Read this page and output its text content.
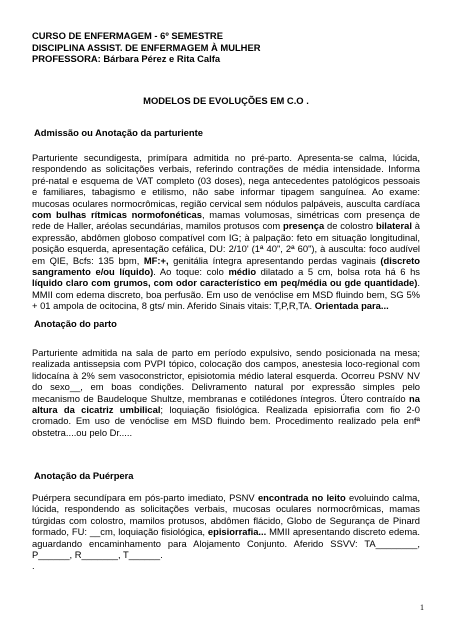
CURSO DE ENFERMAGEM - 6º SEMESTRE
DISCIPLINA ASSIST. DE ENFERMAGEM À MULHER
PROFESSORA: Bárbara Pérez e Rita Calfa
MODELOS DE EVOLUÇÕES EM C.O .
Admissão ou Anotação da parturiente
Parturiente secundigesta, primípara admitida no pré-parto. Apresenta-se calma, lúcida, respondendo as solicitações verbais, referindo contrações de média intensidade. Informa pré-natal e esquema de VAT completo (03 doses), nega antecedentes patológicos pessoais e familiares, tabagismo e etilismo, não sabe informar tipagem sanguínea. Ao exame: mucosas oculares normocrômicas, região cervical sem nódulos palpáveis, ausculta cardíaca com bulhas rítmicas normofonéticas, mamas volumosas, simétricas com presença de rede de Haller, aréolas secundárias, mamilos protusos com presença de colostro bilateral à expressão, abdômen globoso compatível com IG; à palpação: feto em situação longitudinal, posição esquerda, apresentação cefálica, DU: 2/10' (1ª 40", 2ª 60"), à ausculta: foco audível em QIE, Bcfs: 135 bpm, MF:+, genitália íntegra apresentando perdas vaginais (discreto sangramento e/ou líquido). Ao toque: colo médio dilatado a 5 cm, bolsa rota há 6 hs líquido claro com grumos, com odor característico em peq/média ou gde quantidade). MMII com edema discreto, boa perfusão. Em uso de venóclise em MSD fluindo bem, SG 5% + 01 ampola de ocitocina, 8 gts/ min. Aferido Sinais vitais: T,P,R,TA. Orientada para...
Anotação do parto
Parturiente admitida na sala de parto em período expulsivo, sendo posicionada na mesa; realizada antissepsia com PVPI tópico, colocação dos campos, anestesia loco-regional com lidocaína à 2% sem vasoconstrictor, episiotomia médio lateral esquerda. Ocorreu PSNV NV do sexo__, em boas condições. Delivramento natural por expressão simples pelo mecanismo de Baudeloque Shultze, membranas e cotilédones íntegros. Útero contraído na altura da cicatriz umbilical; loquiação fisiológica. Realizada episiorrafia com fio 2-0 cromado. Em uso de venóclise em MSD fluindo bem. Procedimento realizado pela enfª obstetra....ou pelo Dr.....
Anotação da Puérpera
Puérpera secundípara em pós-parto imediato, PSNV encontrada no leito evoluindo calma, lúcida, respondendo as solicitações verbais, mucosas oculares normocrômicas, mamas túrgidas com colostro, mamilos protusos, abdômen flácido, Globo de Segurança de Pinard formado, FU: __cm, loquiação fisiológica, episiorrafia... MMII apresentando discreto edema. aguardando encaminhamento para Alojamento Conjunto. Aferido SSVV: TA________, P______, R_______, T______.
.
1
